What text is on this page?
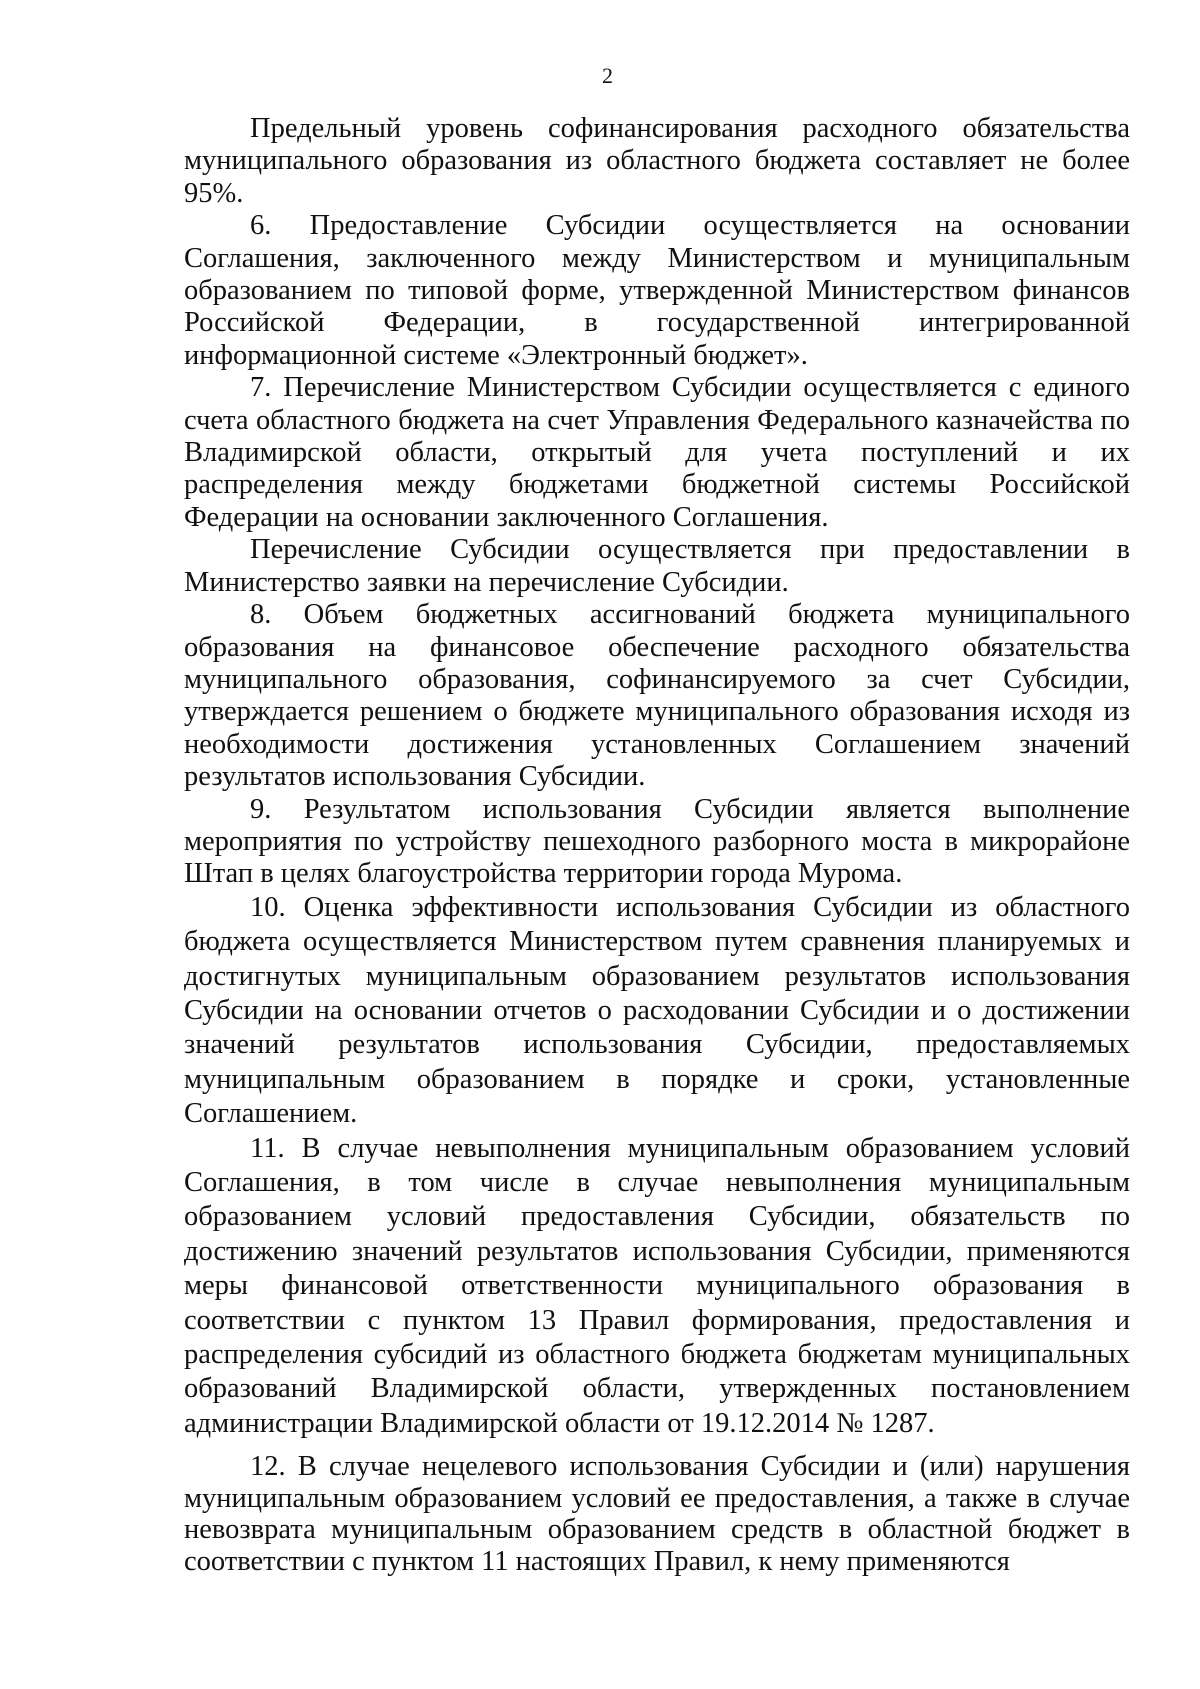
2

Предельный уровень софинансирования расходного обязательства муниципального образования из областного бюджета составляет не более 95%.

6. Предоставление Субсидии осуществляется на основании Соглашения, заключенного между Министерством и муниципальным образованием по типовой форме, утвержденной Министерством финансов Российской Федерации, в государственной интегрированной информационной системе «Электронный бюджет».

7. Перечисление Министерством Субсидии осуществляется с единого счета областного бюджета на счет Управления Федерального казначейства по Владимирской области, открытый для учета поступлений и их распределения между бюджетами бюджетной системы Российской Федерации на основании заключенного Соглашения.

Перечисление Субсидии осуществляется при предоставлении в Министерство заявки на перечисление Субсидии.

8. Объем бюджетных ассигнований бюджета муниципального образования на финансовое обеспечение расходного обязательства муниципального образования, софинансируемого за счет Субсидии, утверждается решением о бюджете муниципального образования исходя из необходимости достижения установленных Соглашением значений результатов использования Субсидии.

9. Результатом использования Субсидии является выполнение мероприятия по устройству пешеходного разборного моста в микрорайоне Штап в целях благоустройства территории города Мурома.

10. Оценка эффективности использования Субсидии из областного бюджета осуществляется Министерством путем сравнения планируемых и достигнутых муниципальным образованием результатов использования Субсидии на основании отчетов о расходовании Субсидии и о достижении значений результатов использования Субсидии, предоставляемых муниципальным образованием в порядке и сроки, установленные Соглашением.

11. В случае невыполнения муниципальным образованием условий Соглашения, в том числе в случае невыполнения муниципальным образованием условий предоставления Субсидии, обязательств по достижению значений результатов использования Субсидии, применяются меры финансовой ответственности муниципального образования в соответствии с пунктом 13 Правил формирования, предоставления и распределения субсидий из областного бюджета бюджетам муниципальных образований Владимирской области, утвержденных постановлением администрации Владимирской области от 19.12.2014 № 1287.

12. В случае нецелевого использования Субсидии и (или) нарушения муниципальным образованием условий ее предоставления, а также в случае невозврата муниципальным образованием средств в областной бюджет в соответствии с пунктом 11 настоящих Правил, к нему применяются
